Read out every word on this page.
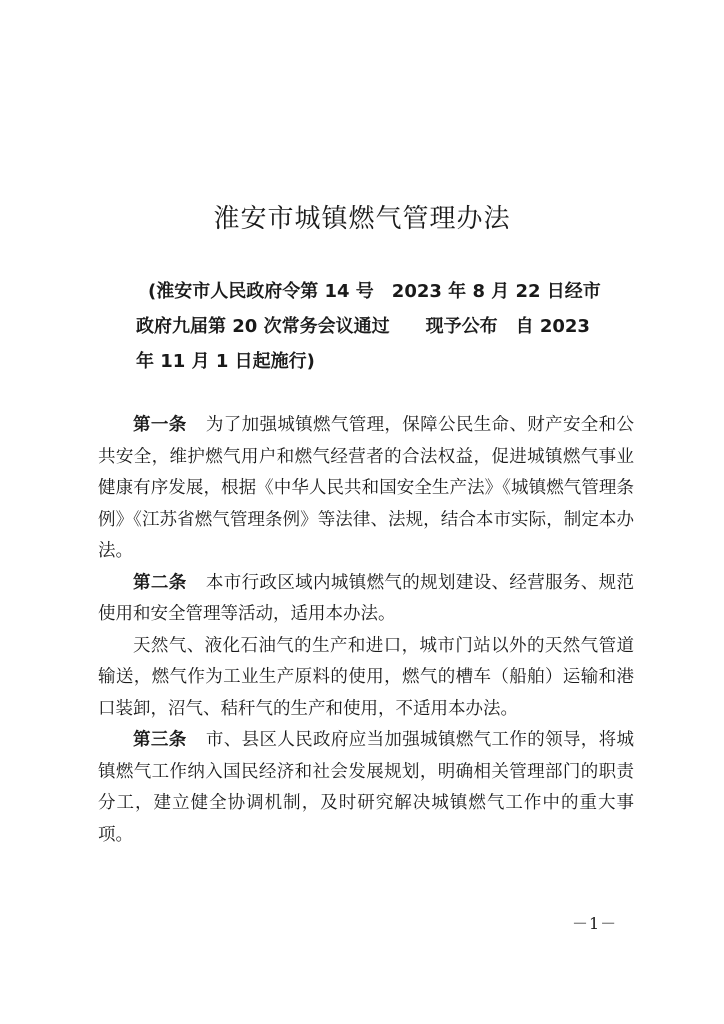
淮安市城镇燃气管理办法
(淮安市人民政府令第 14 号　2023 年 8 月 22 日经市
政府九届第 20 次常务会议通过　　现予公布　自 2023
年 11 月 1 日起施行)

第一条 为了加强城镇燃气管理，保障公民生命、财产安全和公共安全，维护燃气用户和燃气经营者的合法权益，促进城镇燃气事业健康有序发展，根据《中华人民共和国安全生产法》《城镇燃气管理条例》《江苏省燃气管理条例》等法律、法规，结合本市实际，制定本办法。

第二条 本市行政区域内城镇燃气的规划建设、经营服务、规范使用和安全管理等活动，适用本办法。

天然气、液化石油气的生产和进口，城市门站以外的天然气管道输送，燃气作为工业生产原料的使用，燃气的槽车（船舶）运输和港口装卸，沼气、秸秆气的生产和使用，不适用本办法。

第三条 市、县区人民政府应当加强城镇燃气工作的领导，将城镇燃气工作纳入国民经济和社会发展规划，明确相关管理部门的职责分工，建立健全协调机制，及时研究解决城镇燃气工作中的重大事项。

－1－
